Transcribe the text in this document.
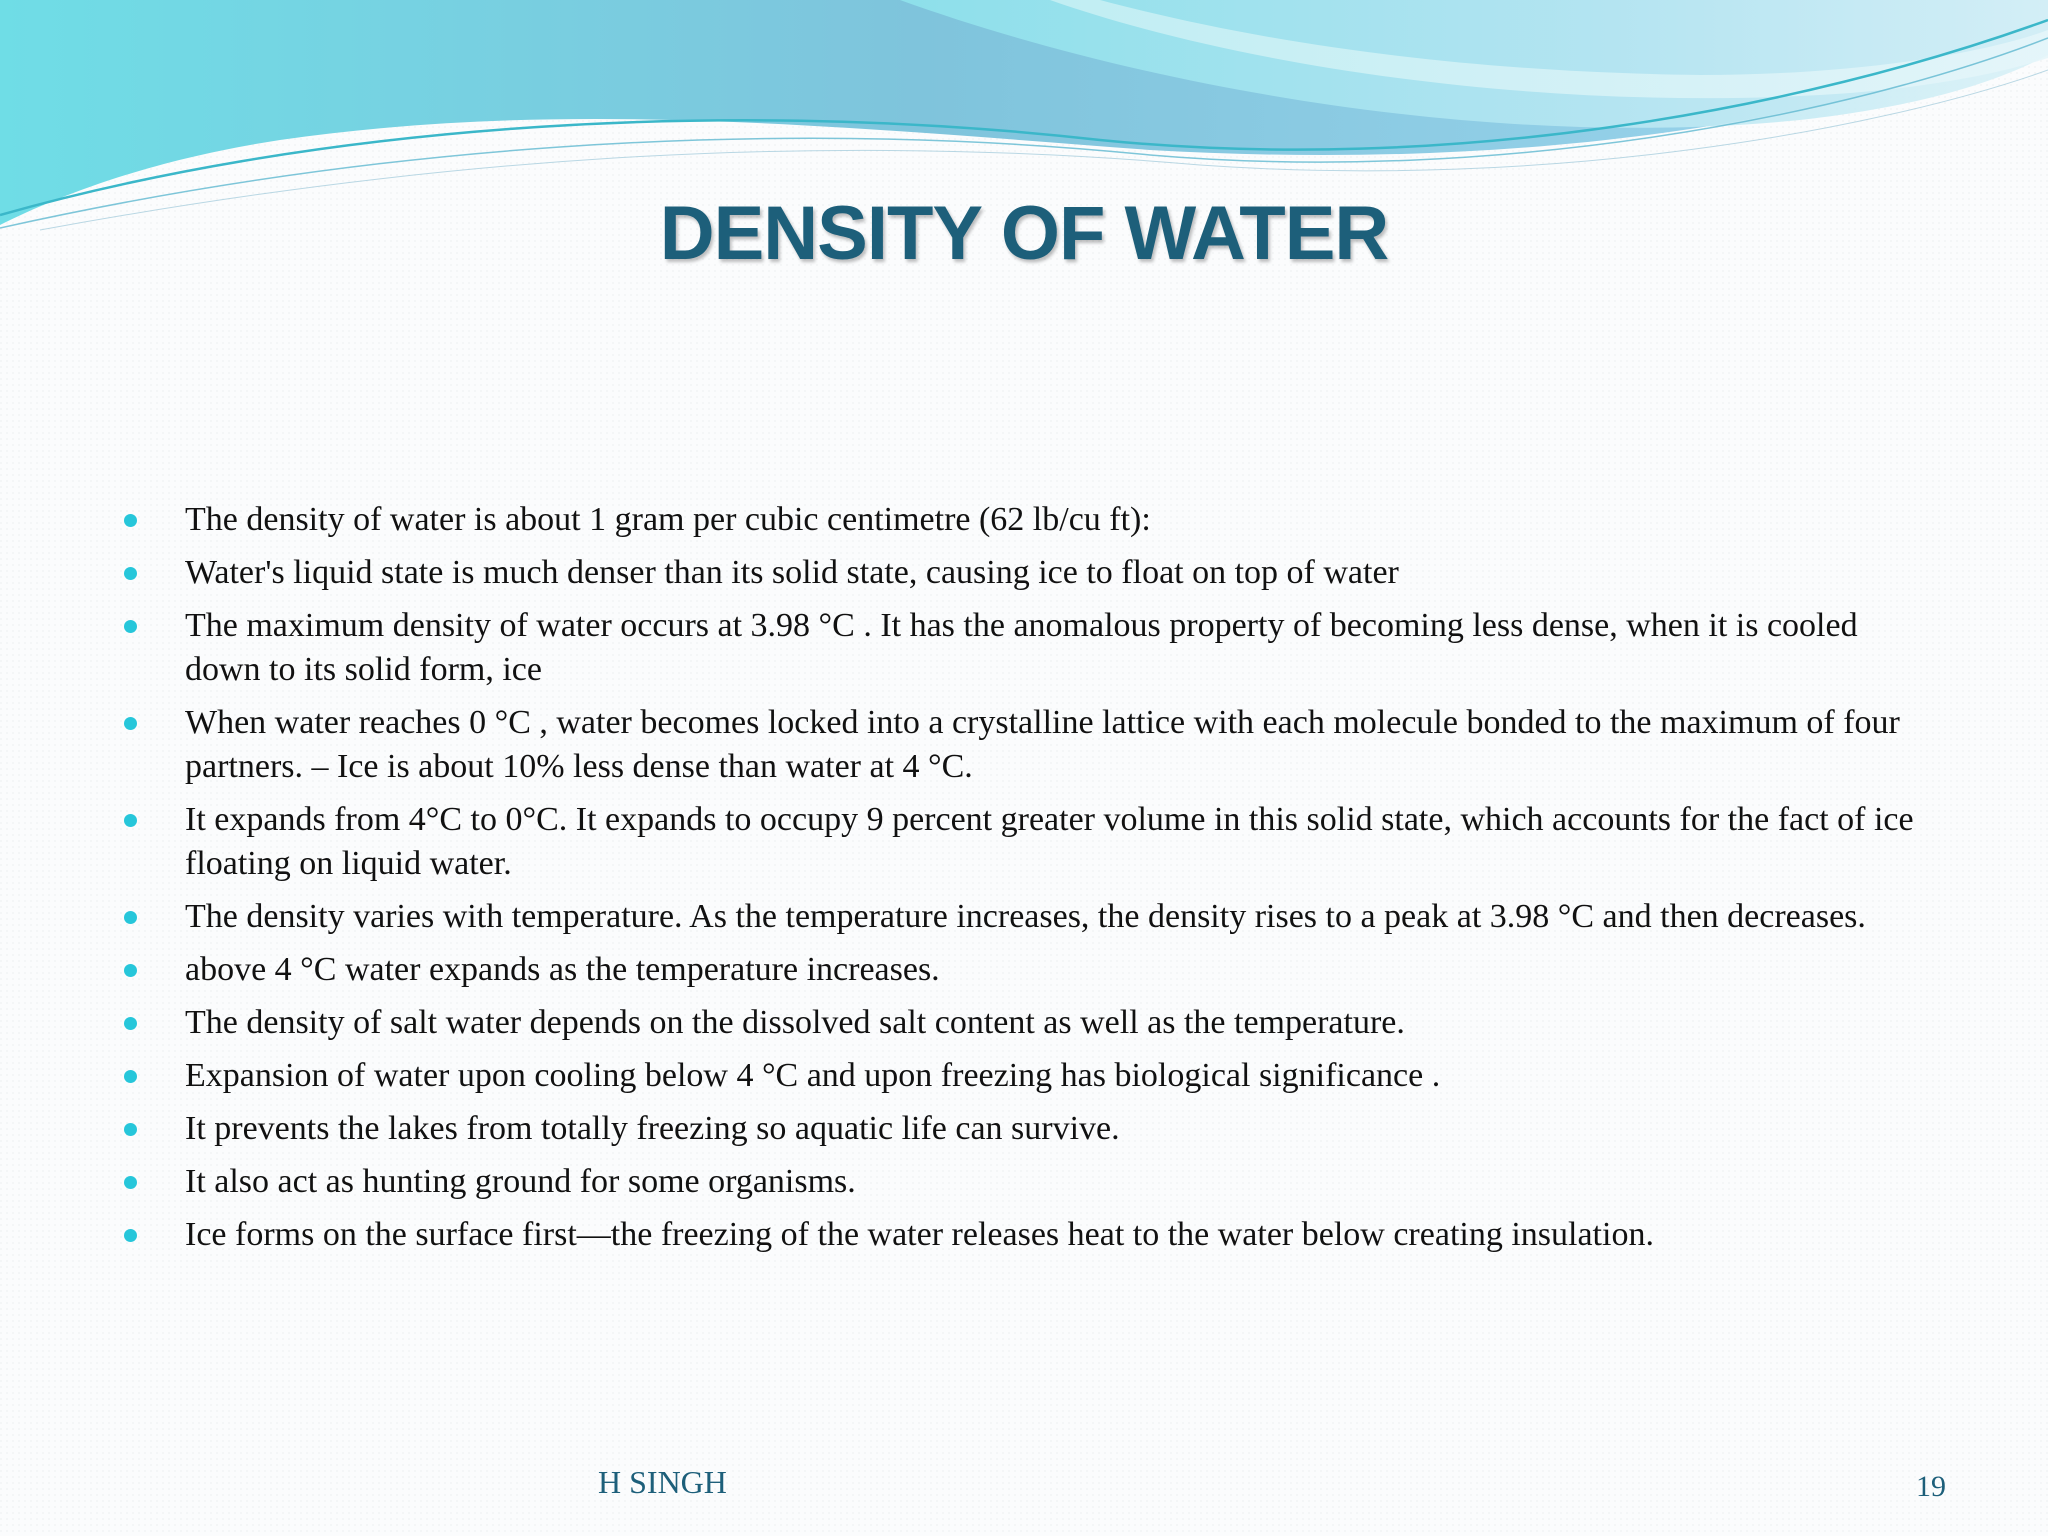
DENSITY OF WATER
The density of water is about 1 gram per cubic centimetre (62 lb/cu ft):
Water's liquid state is much denser than its solid state, causing ice to float on top of water
The maximum density of water occurs at 3.98 °C . It has the anomalous property of becoming less dense, when it is cooled down to its solid form, ice
When water reaches 0 °C , water becomes locked into a crystalline lattice with each molecule bonded to the maximum of four partners. – Ice is about 10% less dense than water at 4 °C.
It expands from 4°C to 0°C. It expands to occupy 9 percent greater volume in this solid state, which accounts for the fact of ice floating on liquid water.
The density varies with temperature. As the temperature increases, the density rises to a peak at 3.98 °C and then decreases.
above 4 °C water expands as the temperature increases.
The density of salt water depends on the dissolved salt content as well as the temperature.
Expansion of water upon cooling below 4 °C and upon freezing has biological significance .
It prevents the lakes from totally freezing so aquatic life can survive.
It also act as hunting ground for some organisms.
Ice forms on the surface first—the freezing of the water releases heat to the water below creating insulation.
H SINGH	19
